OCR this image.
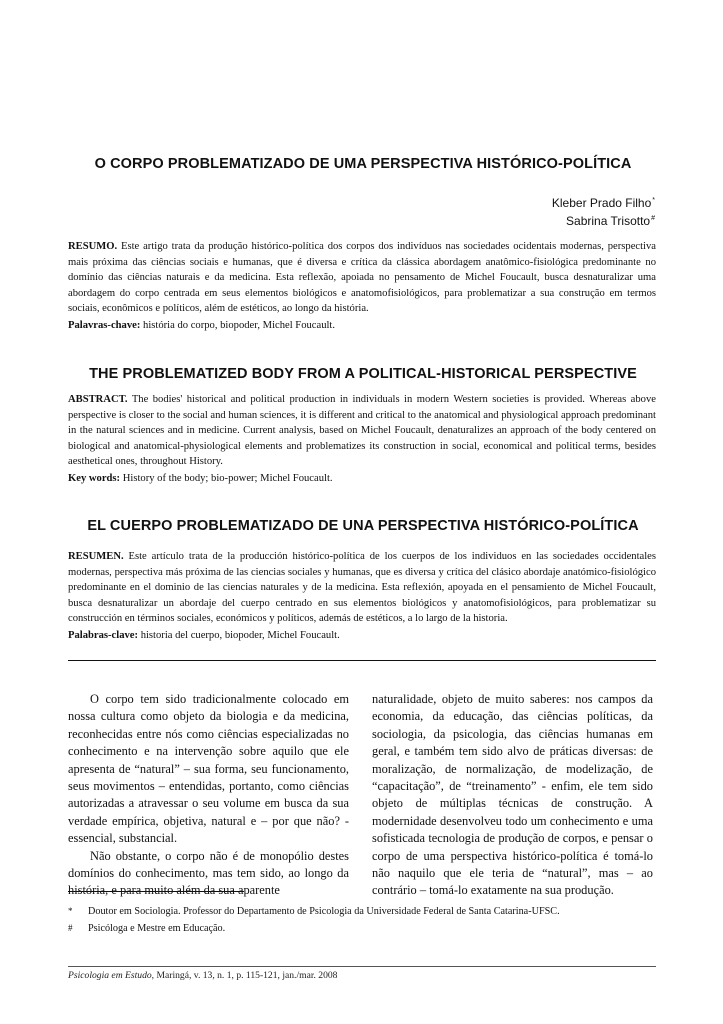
O CORPO PROBLEMATIZADO DE UMA PERSPECTIVA HISTÓRICO-POLÍTICA
Kleber Prado Filho*
Sabrina Trisotto#

RESUMO. Este artigo trata da produção histórico-política dos corpos dos indivíduos nas sociedades ocidentais modernas, perspectiva mais próxima das ciências sociais e humanas, que é diversa e crítica da clássica abordagem anatômico-fisiológica predominante no domínio das ciências naturais e da medicina. Esta reflexão, apoiada no pensamento de Michel Foucault, busca desnaturalizar uma abordagem do corpo centrada em seus elementos biológicos e anatomofisiológicos, para problematizar a sua construção em termos sociais, econômicos e políticos, além de estéticos, ao longo da história.

Palavras-chave: história do corpo, biopoder, Michel Foucault.

THE PROBLEMATIZED BODY FROM A POLITICAL-HISTORICAL PERSPECTIVE

ABSTRACT. The bodies' historical and political production in individuals in modern Western societies is provided. Whereas above perspective is closer to the social and human sciences, it is different and critical to the anatomical and physiological approach predominant in the natural sciences and in medicine. Current analysis, based on Michel Foucault, denaturalizes an approach of the body centered on biological and anatomical-physiological elements and problematizes its construction in social, economical and political terms, besides aesthetical ones, throughout History.

Key words: History of the body; bio-power; Michel Foucault.

EL CUERPO PROBLEMATIZADO DE UNA PERSPECTIVA HISTÓRICO-POLÍTICA

RESUMEN. Este artículo trata de la producción histórico-política de los cuerpos de los individuos en las sociedades occidentales modernas, perspectiva más próxima de las ciencias sociales y humanas, que es diversa y crítica del clásico abordaje anatómico-fisiológico predominante en el dominio de las ciencias naturales y de la medicina. Esta reflexión, apoyada en el pensamiento de Michel Foucault, busca desnaturalizar un abordaje del cuerpo centrado en sus elementos biológicos y anatomofisiológicos, para problematizar su construcción en términos sociales, económicos y políticos, además de estéticos, a lo largo de la historia.

Palabras-clave: historia del cuerpo, biopoder, Michel Foucault.

O corpo tem sido tradicionalmente colocado em nossa cultura como objeto da biologia e da medicina, reconhecidas entre nós como ciências especializadas no conhecimento e na intervenção sobre aquilo que ele apresenta de “natural” – sua forma, seu funcionamento, seus movimentos – entendidas, portanto, como ciências autorizadas a atravessar o seu volume em busca da sua verdade empírica, objetiva, natural e – por que não? - essencial, substancial.

Não obstante, o corpo não é de monopólio destes domínios do conhecimento, mas tem sido, ao longo da história, e para muito além da sua aparente

naturalidade, objeto de muito saberes: nos campos da economia, da educação, das ciências políticas, da sociologia, da psicologia, das ciências humanas em geral, e também tem sido alvo de práticas diversas: de moralização, de normalização, de modelização, de “capacitação”, de “treinamento” - enfim, ele tem sido objeto de múltiplas técnicas de construção. A modernidade desenvolveu todo um conhecimento e uma sofisticada tecnologia de produção de corpos, e pensar o corpo de uma perspectiva histórico-política é tomá-lo não naquilo que ele teria de “natural”, mas – ao contrário – tomá-lo exatamente na sua produção.

*	Doutor em Sociologia. Professor do Departamento de Psicologia da Universidade Federal de Santa Catarina-UFSC.
#	Psicóloga e Mestre em Educação.
Psicologia em Estudo, Maringá, v. 13, n. 1, p. 115-121, jan./mar. 2008
